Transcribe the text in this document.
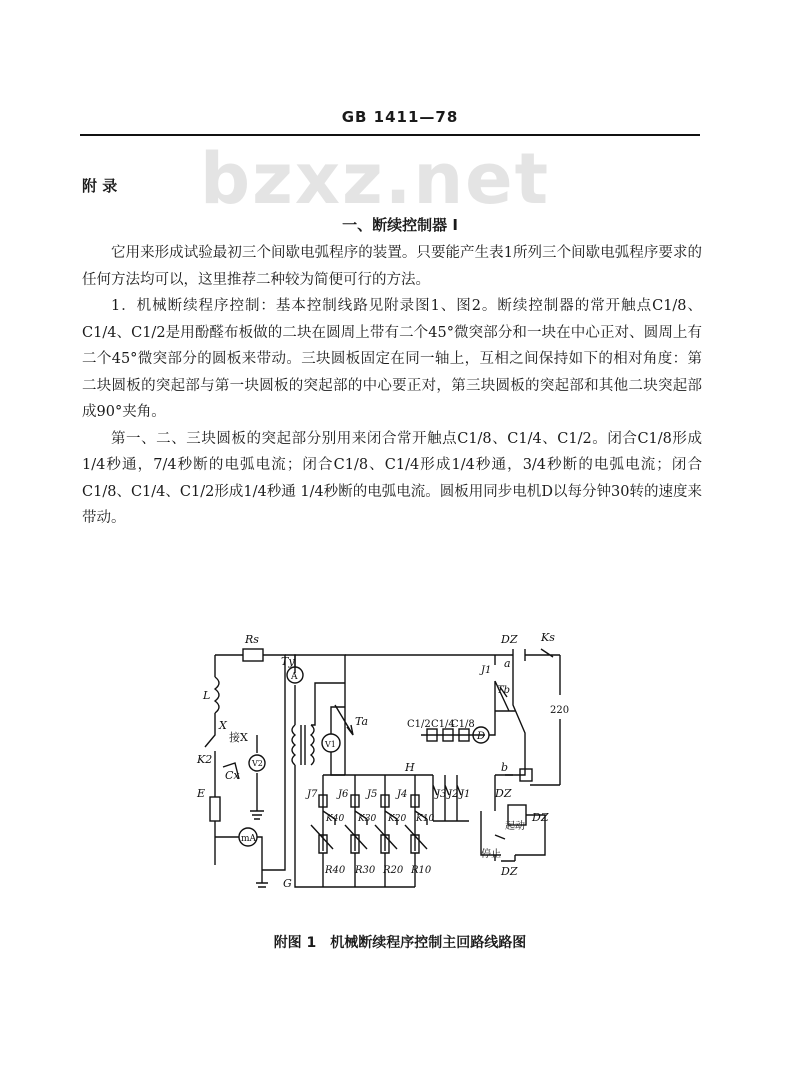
GB 1411—78
bzxz.net
附 录
一、断续控制器 Ⅰ

它用来形成试验最初三个间歇电弧程序的装置。只要能产生表1所列三个间歇电弧程序要求的任何方法均可以，这里推荐二种较为简便可行的方法。

1．机械断续程序控制：基本控制线路见附录图1、图2。断续控制器的常开触点C1/8、C1/4、C1/2是用酚醛布板做的二块在圆周上带有二个45°微突部分和一块在中心正对、圆周上有二个45°微突部分的圆板来带动。三块圆板固定在同一轴上，互相之间保持如下的相对角度：第二块圆板的突起部与第一块圆板的突起部的中心要正对，第三块圆板的突起部和其他二块突起部成90°夹角。

第一、二、三块圆板的突起部分别用来闭合常开触点C1/8、C1/4、C1/2。闭合C1/8形成1/4秒通，7/4秒断的电弧电流；闭合C1/8、C1/4形成1/4秒通，3/4秒断的电弧电流；闭合C1/8、C1/4、C1/2形成1/4秒通 1/4秒断的电弧电流。圆板用同步电机D以每分钟30转的速度来带动。

Rs
Ty
A
Ta
V1
L
X
接X
V2
K2
Cx
E
mA
G
H
J7 J6 J5 J4	J3 J2 J1
J1
K40 K30 K20 K10
R40 R30 R20 R10
C1/2 C1/4
C1/8
D
Tb
DZ Ks
a
b
220
DZ
DZ
起动
停止
DZ
附图 1　机械断续程序控制主回路线路图
